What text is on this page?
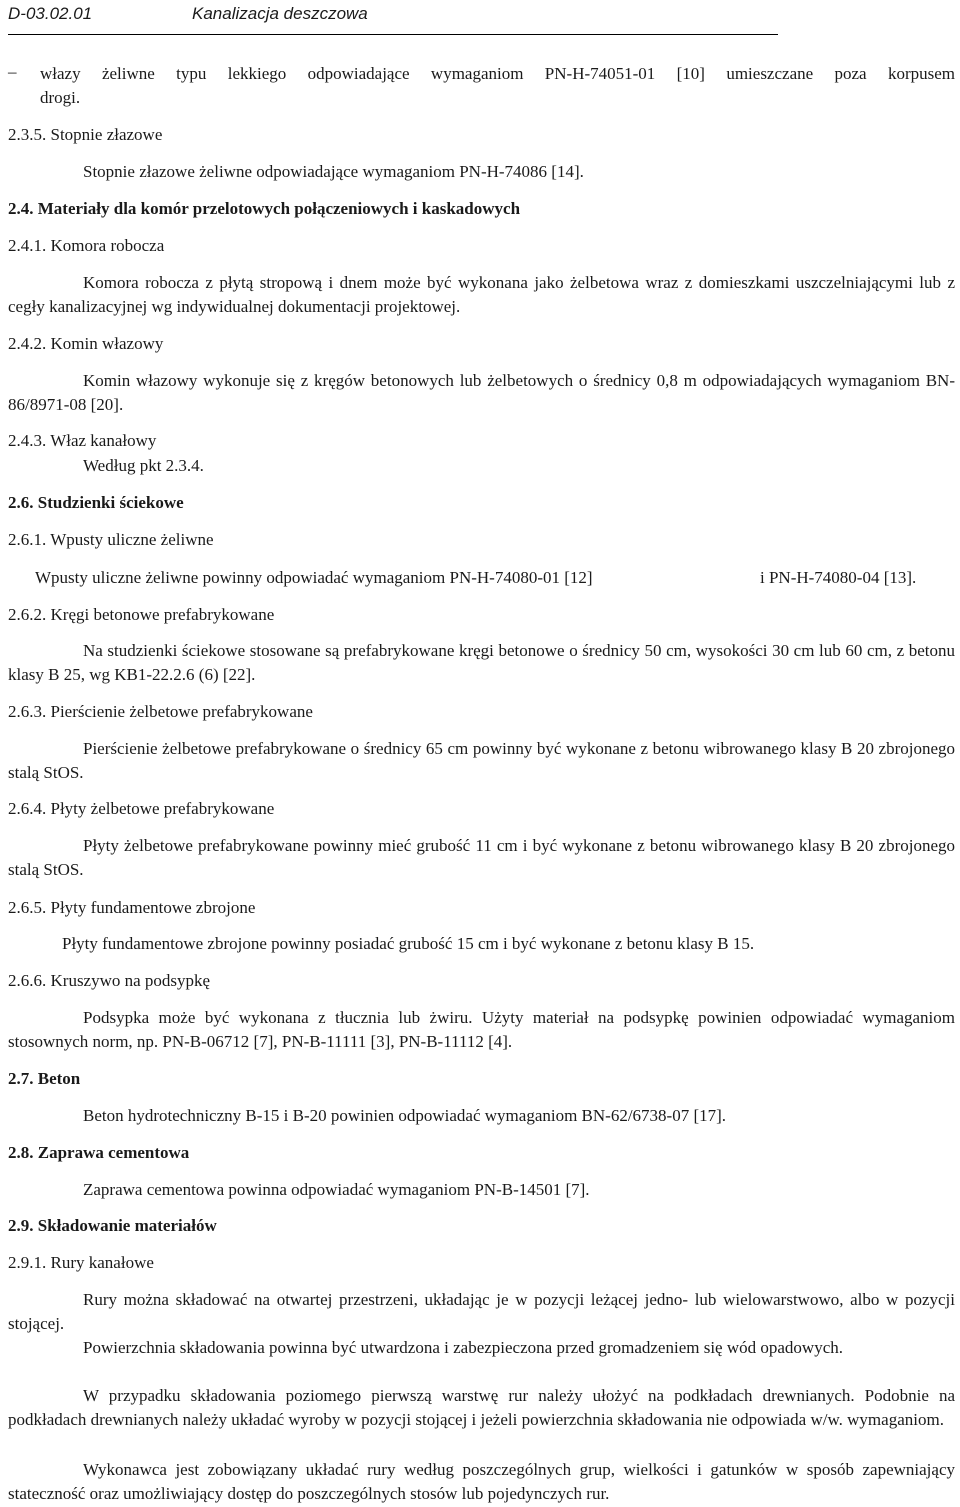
D-03.02.01	Kanalizacja deszczowa
– włazy żeliwne typu lekkiego odpowiadające wymaganiom PN-H-74051-01 [10] umieszczane poza korpusem
drogi.
2.3.5. Stopnie złazowe
Stopnie złazowe żeliwne odpowiadające wymaganiom PN-H-74086 [14].
2.4. Materiały dla komór przelotowych połączeniowych i kaskadowych
2.4.1. Komora robocza
Komora robocza z płytą stropową i dnem może być wykonana jako żelbetowa wraz z domieszkami uszczelniającymi lub z cegły kanalizacyjnej wg indywidualnej dokumentacji projektowej.
2.4.2. Komin włazowy
Komin włazowy wykonuje się z kręgów betonowych lub żelbetowych o średnicy 0,8 m odpowiadających wymaganiom BN-86/8971-08 [20].
2.4.3. Właz kanałowy
Według pkt 2.3.4.
2.6. Studzienki ściekowe
2.6.1. Wpusty uliczne żeliwne
Wpusty uliczne żeliwne powinny odpowiadać wymaganiom PN-H-74080-01 [12]	i PN-H-74080-04 [13].
2.6.2. Kręgi betonowe prefabrykowane
Na studzienki ściekowe stosowane są prefabrykowane kręgi betonowe o średnicy 50 cm, wysokości 30 cm lub 60 cm, z betonu klasy B 25, wg KB1-22.2.6 (6) [22].
2.6.3. Pierścienie żelbetowe prefabrykowane
Pierścienie żelbetowe prefabrykowane o średnicy 65 cm powinny być wykonane z betonu wibrowanego klasy B 20 zbrojonego stalą StOS.
2.6.4. Płyty żelbetowe prefabrykowane
Płyty żelbetowe prefabrykowane powinny mieć grubość 11 cm i być wykonane z betonu wibrowanego klasy B 20 zbrojonego stalą StOS.
2.6.5. Płyty fundamentowe zbrojone
Płyty fundamentowe zbrojone powinny posiadać grubość 15 cm i być wykonane z betonu klasy B 15.
2.6.6. Kruszywo na podsypkę
Podsypka może być wykonana z tłucznia lub żwiru. Użyty materiał na podsypkę powinien odpowiadać wymaganiom stosownych norm, np. PN-B-06712 [7], PN-B-11111 [3], PN-B-11112 [4].
2.7. Beton
Beton hydrotechniczny B-15 i B-20 powinien odpowiadać wymaganiom BN-62/6738-07 [17].
2.8. Zaprawa cementowa
Zaprawa cementowa powinna odpowiadać wymaganiom PN-B-14501 [7].
2.9. Składowanie materiałów
2.9.1. Rury kanałowe
Rury można składować na otwartej przestrzeni, układając je w pozycji leżącej jedno- lub wielowarstwowo, albo w pozycji stojącej.
Powierzchnia składowania powinna być utwardzona i zabezpieczona przed gromadzeniem się wód opadowych.
W przypadku składowania poziomego pierwszą warstwę rur należy ułożyć na podkładach drewnianych. Podobnie na podkładach drewnianych należy układać wyroby w pozycji stojącej i jeżeli powierzchnia składowania nie odpowiada w/w. wymaganiom.
Wykonawca jest zobowiązany układać rury według poszczególnych grup, wielkości i gatunków w sposób zapewniający stateczność oraz umożliwiający dostęp do poszczególnych stosów lub pojedynczych rur.
